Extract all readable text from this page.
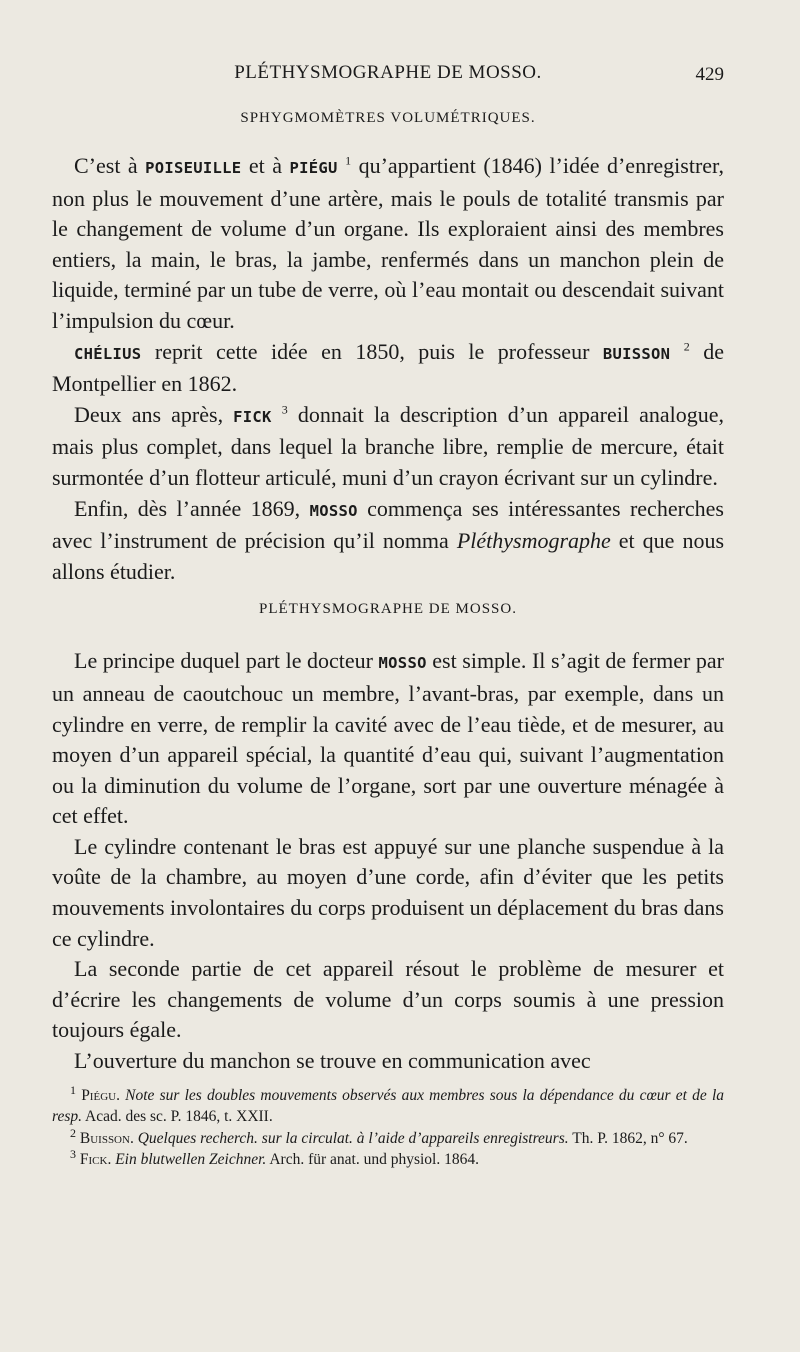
PLÉTHYSMOGRAPHE DE MOSSO.	429
SPHYGMOMÈTRES VOLUMÉTRIQUES.

C’est à POISEUILLE et à PIÉGU $^1$ qu’appartient (1846) l’idée d’enregistrer, non plus le mouvement d’une artère, mais le pouls de totalité transmis par le changement de volume d’un organe. Ils exploraient ainsi des membres entiers, la main, le bras, la jambe, renfermés dans un manchon plein de liquide, terminé par un tube de verre, où l’eau montait ou descendait suivant l’impulsion du cœur.

CHÉLIUS reprit cette idée en 1850, puis le professeur BUISSON $^2$ de Montpellier en 1862.

Deux ans après, FICK $^3$ donnait la description d’un appareil analogue, mais plus complet, dans lequel la branche libre, remplie de mercure, était surmontée d’un flotteur articulé, muni d’un crayon écrivant sur un cylindre.

Enfin, dès l’année 1869, MOSSO commença ses intéressantes recherches avec l’instrument de précision qu’il nomma Pléthysmographe et que nous allons étudier.

PLÉTHYSMOGRAPHE DE MOSSO.

Le principe duquel part le docteur MOSSO est simple. Il s’agit de fermer par un anneau de caoutchouc un membre, l’avant-bras, par exemple, dans un cylindre en verre, de remplir la cavité avec de l’eau tiède, et de mesurer, au moyen d’un appareil spécial, la quantité d’eau qui, suivant l’augmentation ou la diminution du volume de l’organe, sort par une ouverture ménagée à cet effet.

Le cylindre contenant le bras est appuyé sur une planche suspendue à la voûte de la chambre, au moyen d’une corde, afin d’éviter que les petits mouvements involontaires du corps produisent un déplacement du bras dans ce cylindre.

La seconde partie de cet appareil résout le problème de mesurer et d’écrire les changements de volume d’un corps soumis à une pression toujours égale.

L’ouverture du manchon se trouve en communication avec

$^1$ Piégu. Note sur les doubles mouvements observés aux membres sous la dépendance du cœur et de la resp. Acad. des sc. P. 1846, t. XXII.

$^2$ Buisson. Quelques recherch. sur la circulat. à l’aide d’appareils enregistreurs. Th. P. 1862, n° 67.

$^3$ Fick. Ein blutwellen Zeichner. Arch. für anat. und physiol. 1864.
